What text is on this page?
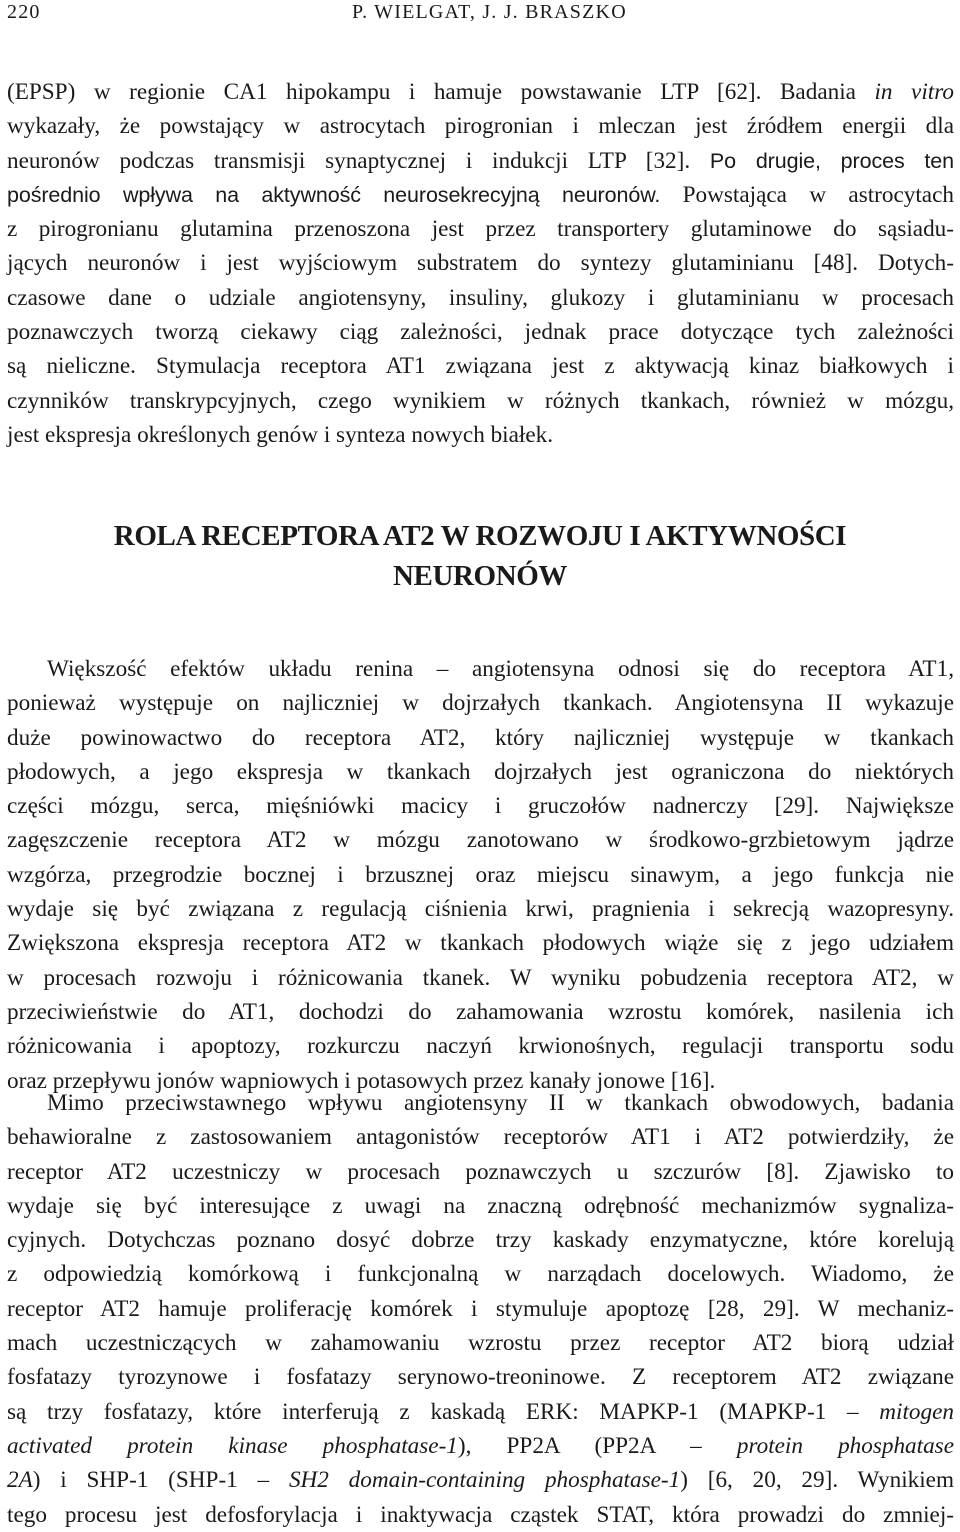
220	P. WIELGAT, J. J. BRASZKO
(EPSP) w regionie CA1 hipokampu i hamuje powstawanie LTP [62]. Badania in vitro
wykazały, że powstający w astrocytach pirogronian i mleczan jest źródłem energii dla
neuronów podczas transmisji synaptycznej i indukcji LTP [32]. Po drugie, proces ten
pośrednio wpływa na aktywność neurosekrecyjną neuronów. Powstająca w astrocytach
z pirogronianu glutamina przenoszona jest przez transportery glutaminowe do sąsiadu-
jących neuronów i jest wyjściowym substratem do syntezy glutaminianu [48]. Dotych-
czasowe dane o udziale angiotensyny, insuliny, glukozy i glutaminianu w procesach
poznawczych tworzą ciekawy ciąg zależności, jednak prace dotyczące tych zależności
są nieliczne. Stymulacja receptora AT1 związana jest z aktywacją kinaz białkowych i
czynników transkrypcyjnych, czego wynikiem w różnych tkankach, również w mózgu,
jest ekspresja określonych genów i synteza nowych białek.
ROLA RECEPTORA AT2 W ROZWOJU I AKTYWNOŚCI
NEURONÓW
Większość efektów układu renina – angiotensyna odnosi się do receptora AT1,
ponieważ występuje on najliczniej w dojrzałych tkankach. Angiotensyna II wykazuje
duże powinowactwo do receptora AT2, który najliczniej występuje w tkankach
płodowych, a jego ekspresja w tkankach dojrzałych jest ograniczona do niektórych
części mózgu, serca, mięśniówki macicy i gruczołów nadnerczy [29]. Największe
zagęszczenie receptora AT2 w mózgu zanotowano w środkowo-grzbietowym jądrze
wzgórza, przegrodzie bocznej i brzusznej oraz miejscu sinawym, a jego funkcja nie
wydaje się być związana z regulacją ciśnienia krwi, pragnienia i sekrecją wazopresyny.
Zwiększona ekspresja receptora AT2 w tkankach płodowych wiąże się z jego udziałem
w procesach rozwoju i różnicowania tkanek. W wyniku pobudzenia receptora AT2, w
przeciwieństwie do AT1, dochodzi do zahamowania wzrostu komórek, nasilenia ich
różnicowania i apoptozy, rozkurczu naczyń krwionośnych, regulacji transportu sodu
oraz przepływu jonów wapniowych i potasowych przez kanały jonowe [16].
Mimo przeciwstawnego wpływu angiotensyny II w tkankach obwodowych, badania
behawioralne z zastosowaniem antagonistów receptorów AT1 i AT2 potwierdziły, że
receptor AT2 uczestniczy w procesach poznawczych u szczurów [8]. Zjawisko to
wydaje się być interesujące z uwagi na znaczną odrębność mechanizmów sygnaliza-
cyjnych. Dotychczas poznano dosyć dobrze trzy kaskady enzymatyczne, które korelują
z odpowiedzią komórkową i funkcjonalną w narządach docelowych. Wiadomo, że
receptor AT2 hamuje proliferację komórek i stymuluje apoptozę [28, 29]. W mechaniz-
mach uczestniczących w zahamowaniu wzrostu przez receptor AT2 biorą udział
fosfatazy tyrozynowe i fosfatazy serynowo-treoninowe. Z receptorem AT2 związane
są trzy fosfatazy, które interferują z kaskadą ERK: MAPKP-1 (MAPKP-1 – mitogen
activated protein kinase phosphatase-1), PP2A (PP2A – protein phosphatase
2A) i SHP-1 (SHP-1 – SH2 domain-containing phosphatase-1) [6, 20, 29]. Wynikiem
tego procesu jest defosforylacja i inaktywacja cząstek STAT, która prowadzi do zmniej-
